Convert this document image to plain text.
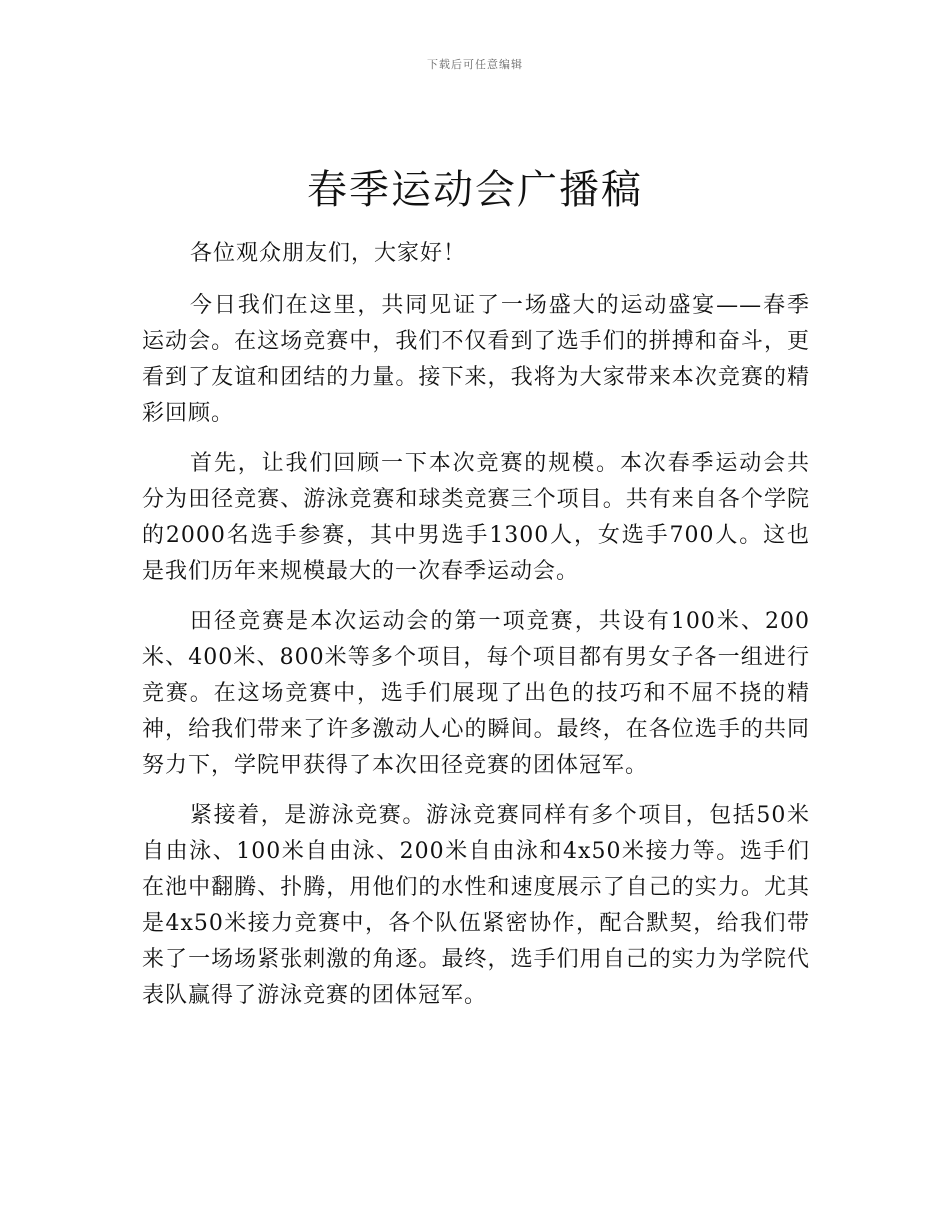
下载后可任意编辑
春季运动会广播稿

各位观众朋友们，大家好！

今日我们在这里，共同见证了一场盛大的运动盛宴——春季运动会。在这场竞赛中，我们不仅看到了选手们的拼搏和奋斗，更看到了友谊和团结的力量。接下来，我将为大家带来本次竞赛的精彩回顾。

首先，让我们回顾一下本次竞赛的规模。本次春季运动会共分为田径竞赛、游泳竞赛和球类竞赛三个项目。共有来自各个学院的2000名选手参赛，其中男选手1300人，女选手700人。这也是我们历年来规模最大的一次春季运动会。

田径竞赛是本次运动会的第一项竞赛，共设有100米、200米、400米、800米等多个项目，每个项目都有男女子各一组进行竞赛。在这场竞赛中，选手们展现了出色的技巧和不屈不挠的精神，给我们带来了许多激动人心的瞬间。最终，在各位选手的共同努力下，学院甲获得了本次田径竞赛的团体冠军。

紧接着，是游泳竞赛。游泳竞赛同样有多个项目，包括50米自由泳、100米自由泳、200米自由泳和4x50米接力等。选手们在池中翻腾、扑腾，用他们的水性和速度展示了自己的实力。尤其是4x50米接力竞赛中，各个队伍紧密协作，配合默契，给我们带来了一场场紧张刺激的角逐。最终，选手们用自己的实力为学院代表队赢得了游泳竞赛的团体冠军。
